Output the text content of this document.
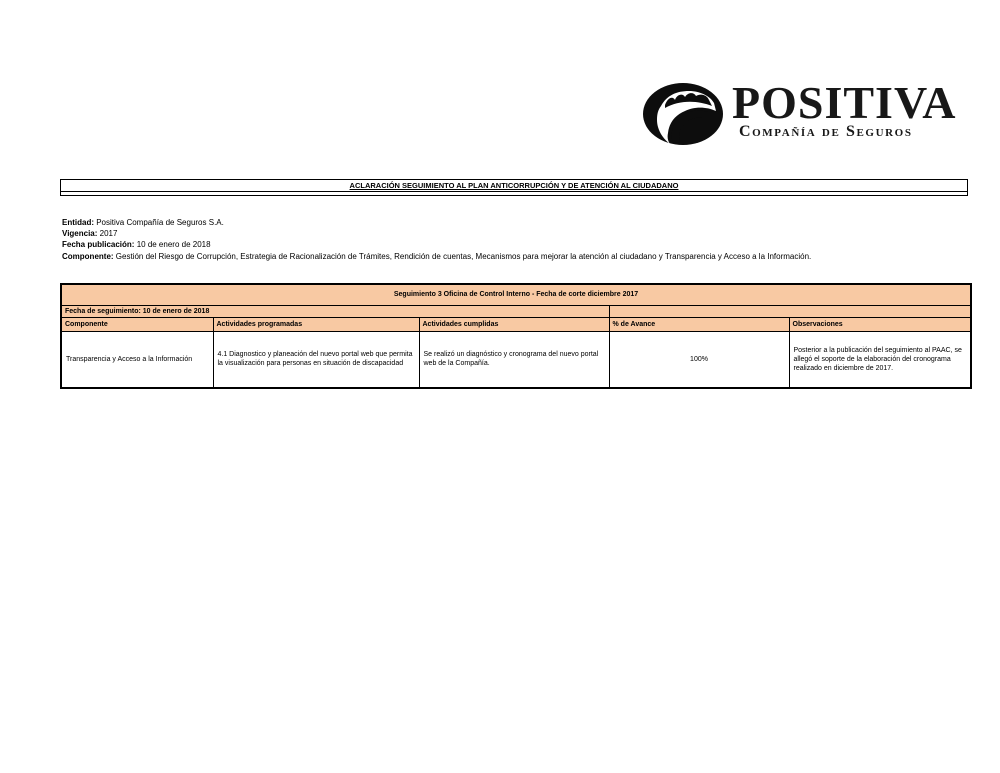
POSITIVA
Compañía de Seguros
ACLARACIÓN SEGUIMIENTO AL PLAN ANTICORRUPCIÓN Y DE ATENCIÓN AL CIUDADANO
Entidad: Positiva Compañía de Seguros S.A.
Vigencia: 2017
Fecha publicación: 10 de enero de 2018
Componente: Gestión del Riesgo de Corrupción, Estrategia de Racionalización de Trámites, Rendición de cuentas, Mecanismos para mejorar la atención al ciudadano y Transparencia y Acceso a la Información.
Seguimiento 3 Oficina de Control Interno - Fecha de corte diciembre 2017				
Fecha de seguimiento: 10 de enero de 2018				
Componente	Actividades programadas	Actividades cumplidas	% de Avance	Observaciones
Transparencia y Acceso a la Información	4.1 Diagnostico y planeación del nuevo portal web que permita la visualización para personas en situación de discapacidad	Se realizó un diagnóstico y cronograma del nuevo portal web de la Compañía.	100%	Posterior a la publicación del seguimiento al PAAC, se allegó el soporte de la elaboración del cronograma realizado en diciembre de 2017.
